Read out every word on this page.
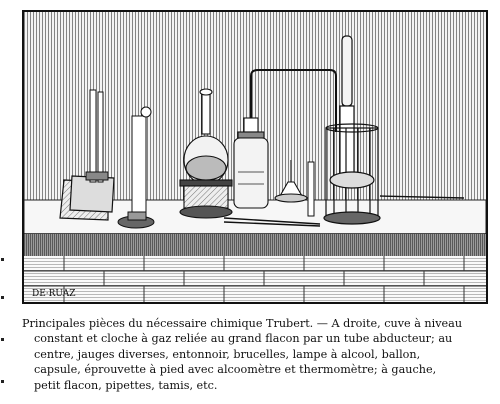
DE·RUAZ

Principales pièces du nécessaire chimique Trubert. — A droite, cuve à niveau
constant et cloche à gaz reliée au grand flacon par un tube abducteur; au
centre, jauges diverses, entonnoir, brucelles, lampe à alcool, ballon,
capsule, éprouvette à pied avec alcoomètre et thermomètre; à gauche,
petit flacon, pipettes, tamis, etc.
